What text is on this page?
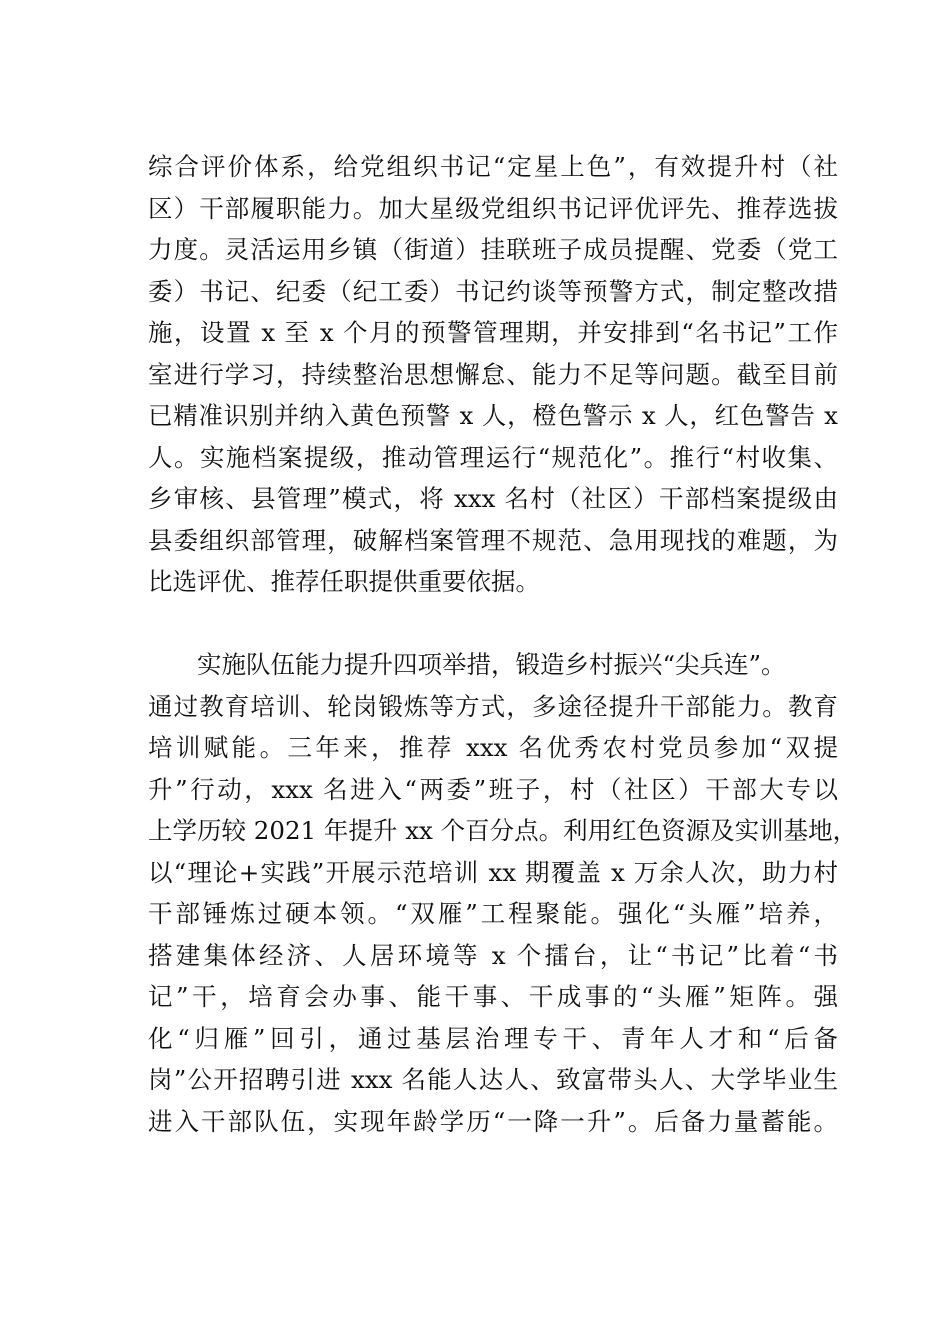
综合评价体系，给党组织书记“定星上色”，有效提升村（社
区）干部履职能力。加大星级党组织书记评优评先、推荐选拔
力度。灵活运用乡镇（街道）挂联班子成员提醒、党委（党工
委）书记、纪委（纪工委）书记约谈等预警方式，制定整改措
施，设置 x 至 x 个月的预警管理期，并安排到“名书记”工作
室进行学习，持续整治思想懈怠、能力不足等问题。截至目前
已精准识别并纳入黄色预警 x 人，橙色警示 x 人，红色警告 x
人。实施档案提级，推动管理运行“规范化”。推行“村收集、
乡审核、县管理”模式，将 xxx 名村（社区）干部档案提级由
县委组织部管理，破解档案管理不规范、急用现找的难题，为
比选评优、推荐任职提供重要依据。
实施队伍能力提升四项举措，锻造乡村振兴“尖兵连”。
通过教育培训、轮岗锻炼等方式，多途径提升干部能力。教育
培训赋能。三年来，推荐 xxx 名优秀农村党员参加“双提
升”行动，xxx 名进入“两委”班子，村（社区）干部大专以
上学历较 2021 年提升 xx 个百分点。利用红色资源及实训基地，
以“理论+实践”开展示范培训 xx 期覆盖 x 万余人次，助力村
干部锤炼过硬本领。“双雁”工程聚能。强化“头雁”培养，
搭建集体经济、人居环境等 x 个擂台，让“书记”比着“书
记”干，培育会办事、能干事、干成事的“头雁”矩阵。强
化“归雁”回引，通过基层治理专干、青年人才和“后备
岗”公开招聘引进 xxx 名能人达人、致富带头人、大学毕业生
进入干部队伍，实现年龄学历“一降一升”。后备力量蓄能。
